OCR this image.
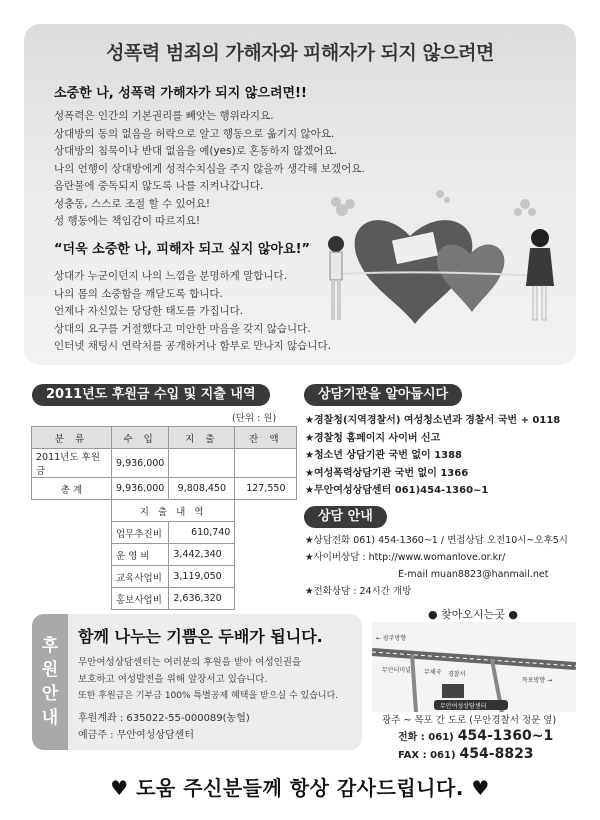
성폭력 범죄의 가해자와 피해자가 되지 않으려면
소중한 나, 성폭력 가해자가 되지 않으려면!!
성폭력은 인간의 기본권리를 빼앗는 행위라지요.
상대방의 동의 없음을 허락으로 알고 행동으로 옮기지 않아요.
상대방의 침묵이나 반대 없음을 예(yes)로 혼동하지 않겠어요.
나의 언행이 상대방에게 성적수치심을 주지 않을까 생각해 보겠어요.
음란물에 중독되지 않도록 나를 지켜나갑니다.
성충동, 스스로 조절 할 수 있어요!
성 행동에는 책임감이 따르지요!
“더욱 소중한 나, 피해자 되고 싶지 않아요!”
상대가 누군이던지 나의 느낌을 분명하게 말합니다.
나의 몸의 소중함을 깨닫도록 합니다.
언제나 자신있는 당당한 태도를 가집니다.
상대의 요구를 거절했다고 미안한 마음을 갖지 않습니다.
인터넷 채팅시 연락처를 공개하거나 함부로 만나지 않습니다.
2011년도 후원금 수입 및 지출 내역
(단위 : 원)
분 류	수 입	지 출	잔 액
2011년도 후원금	9,936,000		
총 계	9,936,000	9,808,450	127,550
	지 출 내 역		
	업무추진비	610,740	
	운 영 비	3,442,340	
	교육사업비	3,119,050	
	홍보사업비	2,636,320	
상담기관을 알아둡시다
★경찰청(지역경찰서) 여성청소년과 경찰서 국번 + 0118
★경찰청 홈페이지 사이버 신고
★청소년 상담기관 국번 없이 1388
★여성폭력상담기관 국번 없이 1366
★무안여성상담센터 061)454-1360~1
상담 안내
★상담전화 061) 454-1360~1 / 면접상담 오전10시~오후5시
★사이버상담 : http://www.womanlove.or.kr/
E-mail muan8823@hanmail.net
★전화상담 : 24시간 개방
후
원
안
내
함께 나누는 기쁨은 두배가 됩니다.
무안여성상담센터는 여러분의 후원을 받아 여성인권을
보호하고 여성발전을 위해 앞장서고 있습니다.
또한 후원금은 기부금 100% 특별공제 혜택을 받으실 수 있습니다.
후원계좌 : 635022-55-000089(농협)
예금주 : 무안여성상담센터
● 찾아오시는곳 ●
← 광주방향
무안터미널 무체국 경찰서
목포방향 →
무안여성상담센터
광주 ~ 목포 간 도로 (무안경찰서 정문 옆)
전화 : 061) 454-1360~1
FAX : 061) 454-8823
♥ 도움 주신분들께 항상 감사드립니다. ♥
